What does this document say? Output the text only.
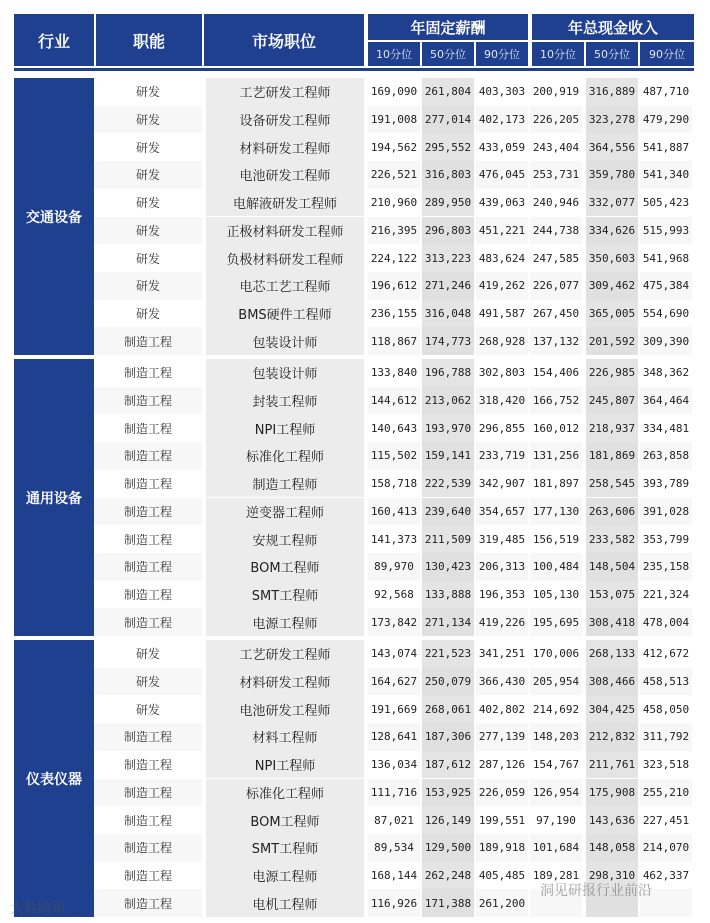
行业	职能	市场职位
年固定薪酬	年总现金收入
10分位	50分位	90分位	10分位	50分位	90分位
交通设备
研发	工艺研发工程师	169,090 261,804 403,303 200,919 316,889 487,710
研发	设备研发工程师	191,008 277,014 402,173 226,205 323,278 479,290
研发	材料研发工程师	194,562 295,552 433,059 243,404 364,556 541,887
研发	电池研发工程师	226,521 316,803 476,045 253,731 359,780 541,340
研发	电解液研发工程师	210,960 289,950 439,063 240,946 332,077 505,423
研发	正极材料研发工程师	216,395 296,803 451,221 244,738 334,626 515,993
研发	负极材料研发工程师	224,122 313,223 483,624 247,585 350,603 541,968
研发	电芯工艺工程师	196,612 271,246 419,262 226,077 309,462 475,384
研发	BMS硬件工程师	236,155 316,048 491,587 267,450 365,005 554,690
制造工程	包装设计师	118,867 174,773 268,928 137,132 201,592 309,390
通用设备
制造工程	包装设计师	133,840 196,788 302,803 154,406 226,985 348,362
制造工程	封装工程师	144,612 213,062 318,420 166,752 245,807 364,464
制造工程	NPI工程师	140,643 193,970 296,855 160,012 218,937 334,481
制造工程	标准化工程师	115,502 159,141 233,719 131,256 181,869 263,858
制造工程	制造工程师	158,718 222,539 342,907 181,897 258,545 393,789
制造工程	逆变器工程师	160,413 239,640 354,657 177,130 263,606 391,028
制造工程	安规工程师	141,373 211,509 319,485 156,519 233,582 353,799
制造工程	BOM工程师	89,970 130,423 206,313 100,484 148,504 235,158
制造工程	SMT工程师	92,568 133,888 196,353 105,130 153,075 221,324
制造工程	电源工程师	173,842 271,134 419,226 195,695 308,418 478,004
仪表仪器
研发	工艺研发工程师	143,074 221,523 341,251 170,006 268,133 412,672
研发	材料研发工程师	164,627 250,079 366,430 205,954 308,466 458,513
研发	电池研发工程师	191,669 268,061 402,802 214,692 304,425 458,050
制造工程	材料工程师	128,641 187,306 277,139 148,203 212,832 311,792
制造工程	NPI工程师	136,034 187,612 287,126 154,767 211,761 323,518
制造工程	标准化工程师	111,716 153,925 226,059 126,954 175,908 255,210
制造工程	BOM工程师	87,021 126,149 199,551 97,190	143,636 227,451
制造工程	SMT工程师	89,534 129,500 189,918 101,684 148,058 214,070
制造工程	电源工程师	168,144 262,248 405,485 189,281 298,310 462,337
制造工程	电机工程师	116,926 171,388 261,200
大数跨境
洞见研报行业前沿
